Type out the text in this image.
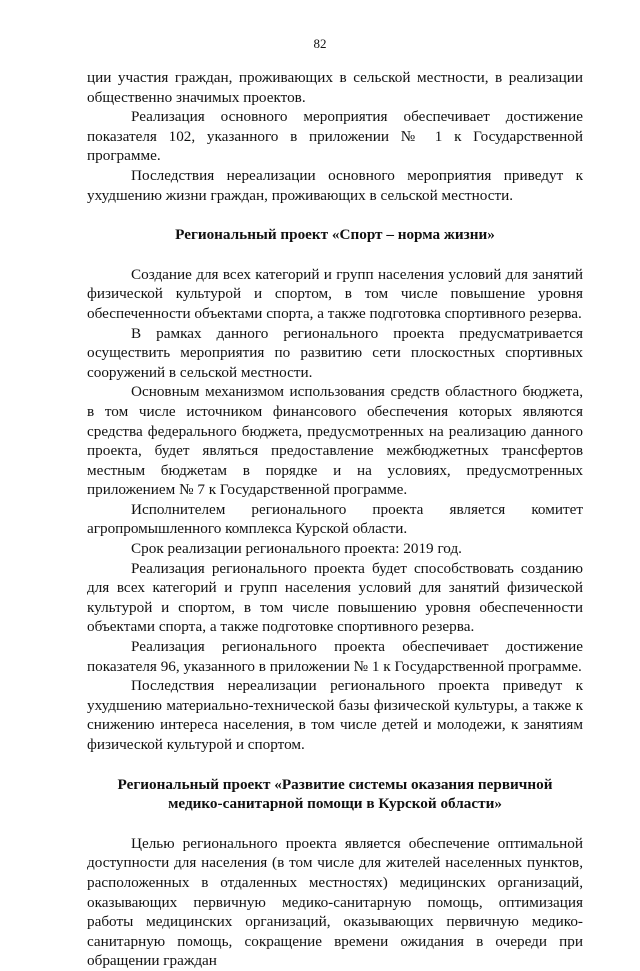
82

ции участия граждан, проживающих в сельской местности, в реализации общественно значимых проектов.

Реализация основного мероприятия обеспечивает достижение показателя 102, указанного в приложении № 1 к Государственной программе.

Последствия нереализации основного мероприятия приведут к ухудшению жизни граждан, проживающих в сельской местности.

Региональный проект «Спорт – норма жизни»

Создание для всех категорий и групп населения условий для занятий физической культурой и спортом, в том числе повышение уровня обеспеченности объектами спорта, а также подготовка спортивного резерва.

В рамках данного регионального проекта предусматривается осуществить мероприятия по развитию сети плоскостных спортивных сооружений в сельской местности.

Основным механизмом использования средств областного бюджета, в том числе источником финансового обеспечения которых являются средства федерального бюджета, предусмотренных на реализацию данного проекта, будет являться предоставление межбюджетных трансфертов местным бюджетам в порядке и на условиях, предусмотренных приложением № 7 к Государственной программе.

Исполнителем регионального проекта является комитет агропромышленного комплекса Курской области.

Срок реализации регионального проекта: 2019 год.

Реализация регионального проекта будет способствовать созданию для всех категорий и групп населения условий для занятий физической культурой и спортом, в том числе повышению уровня обеспеченности объектами спорта, а также подготовке спортивного резерва.

Реализация регионального проекта обеспечивает достижение показателя 96, указанного в приложении № 1 к Государственной программе.

Последствия нереализации регионального проекта приведут к ухудшению материально-технической базы физической культуры, а также к снижению интереса населения, в том числе детей и молодежи, к занятиям физической культурой и спортом.

Региональный проект «Развитие системы оказания первичной
медико-санитарной помощи в Курской области»

Целью регионального проекта является обеспечение оптимальной доступности для населения (в том числе для жителей населенных пунктов, расположенных в отдаленных местностях) медицинских организаций, оказывающих первичную медико-санитарную помощь, оптимизация работы медицинских организаций, оказывающих первичную медико-санитарную помощь, сокращение времени ожидания в очереди при обращении граждан
